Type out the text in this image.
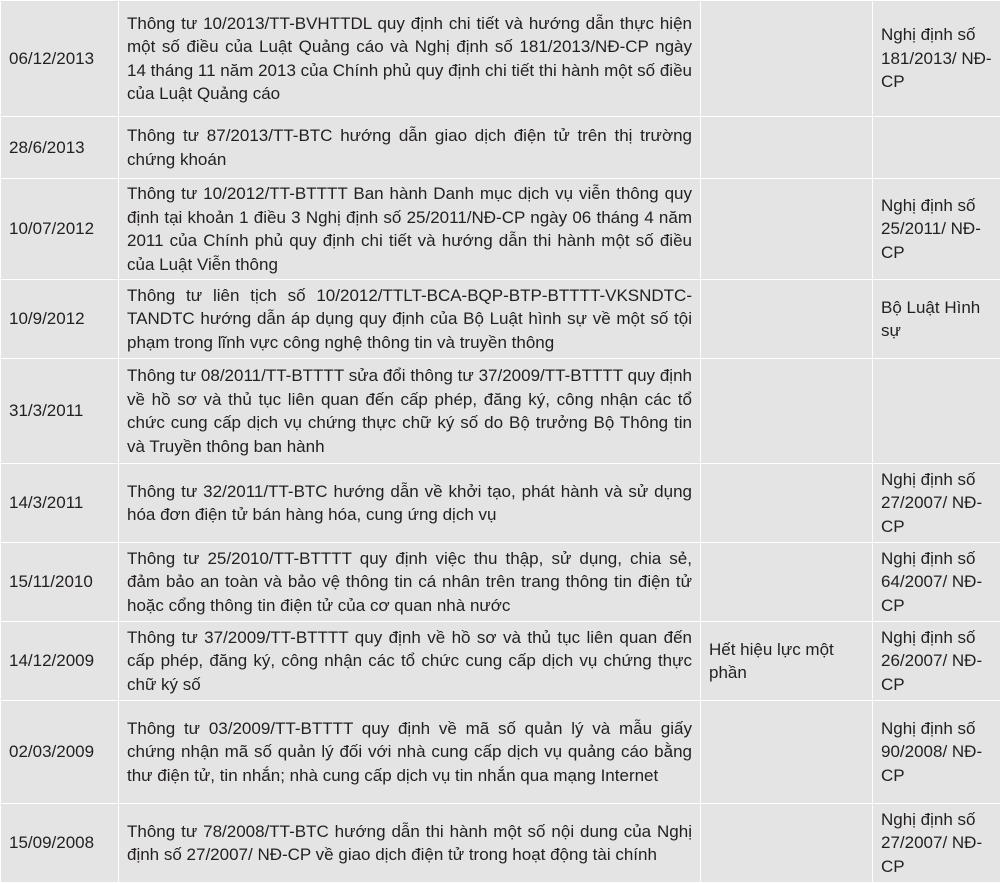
06/12/2013	Thông tư 10/2013/TT-BVHTTDL quy định chi tiết và hướng dẫn thực hiện một số điều của Luật Quảng cáo và Nghị định số 181/2013/NĐ-CP ngày 14 tháng 11 năm 2013 của Chính phủ quy định chi tiết thi hành một số điều của Luật Quảng cáo		Nghị định số 181/2013/ NĐ-CP
28/6/2013	Thông tư 87/2013/TT-BTC hướng dẫn giao dịch điện tử trên thị trường chứng khoán		
10/07/2012	Thông tư 10/2012/TT-BTTTT Ban hành Danh mục dịch vụ viễn thông quy định tại khoản 1 điều 3 Nghị định số 25/2011/NĐ-CP ngày 06 tháng 4 năm 2011 của Chính phủ quy định chi tiết và hướng dẫn thi hành một số điều của Luật Viễn thông		Nghị định số 25/2011/ NĐ-CP
10/9/2012	Thông tư liên tịch số 10/2012/TTLT-BCA-BQP-BTP-BTTTT-VKSNDTC-TANDTC hướng dẫn áp dụng quy định của Bộ Luật hình sự về một số tội phạm trong lĩnh vực công nghệ thông tin và truyền thông		Bộ Luật Hình sự
31/3/2011	Thông tư 08/2011/TT-BTTTT sửa đổi thông tư 37/2009/TT-BTTTT quy định về hồ sơ và thủ tục liên quan đến cấp phép, đăng ký, công nhận các tổ chức cung cấp dịch vụ chứng thực chữ ký số do Bộ trưởng Bộ Thông tin và Truyền thông ban hành		
14/3/2011	Thông tư 32/2011/TT-BTC hướng dẫn về khởi tạo, phát hành và sử dụng hóa đơn điện tử bán hàng hóa, cung ứng dịch vụ		Nghị định số 27/2007/ NĐ-CP
15/11/2010	Thông tư 25/2010/TT-BTTTT quy định việc thu thập, sử dụng, chia sẻ, đảm bảo an toàn và bảo vệ thông tin cá nhân trên trang thông tin điện tử hoặc cổng thông tin điện tử của cơ quan nhà nước		Nghị định số 64/2007/ NĐ-CP
14/12/2009	Thông tư 37/2009/TT-BTTTT quy định về hồ sơ và thủ tục liên quan đến cấp phép, đăng ký, công nhận các tổ chức cung cấp dịch vụ chứng thực chữ ký số	Hết hiệu lực một phần	Nghị định số 26/2007/ NĐ-CP
02/03/2009	Thông tư 03/2009/TT-BTTTT quy định về mã số quản lý và mẫu giấy chứng nhận mã số quản lý đối với nhà cung cấp dịch vụ quảng cáo bằng thư điện tử, tin nhắn; nhà cung cấp dịch vụ tin nhắn qua mạng Internet		Nghị định số 90/2008/ NĐ-CP
15/09/2008	Thông tư 78/2008/TT-BTC hướng dẫn thi hành một số nội dung của Nghị định số 27/2007/ NĐ-CP về giao dịch điện tử trong hoạt động tài chính		Nghị định số 27/2007/ NĐ-CP
